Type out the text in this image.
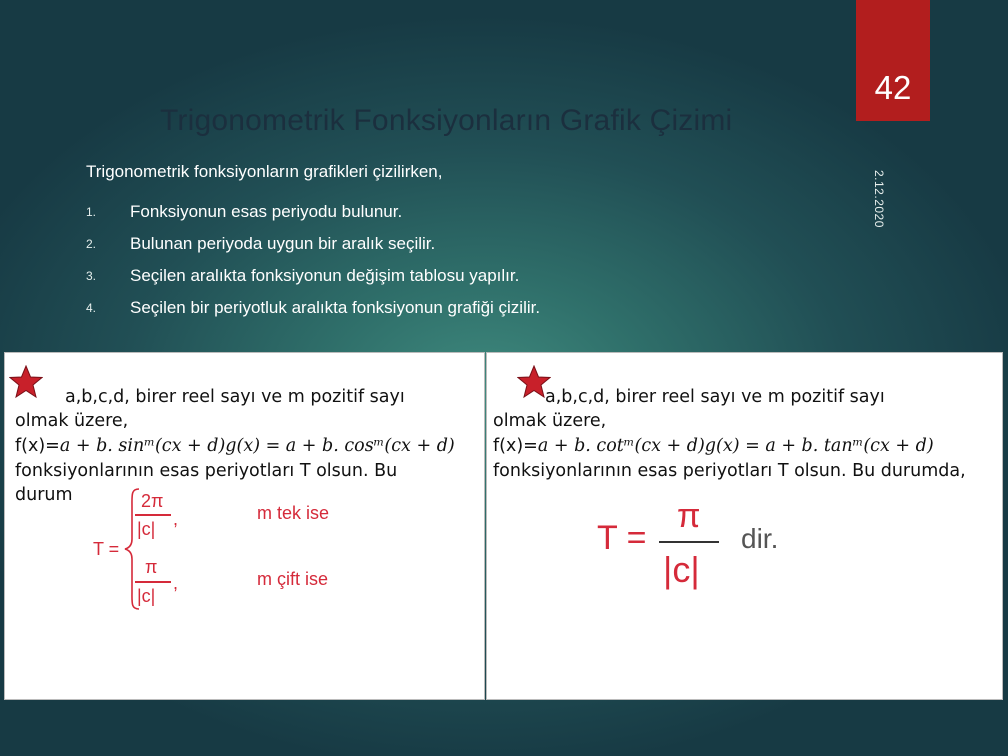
Trigonometrik Fonksiyonların Grafik Çizimi
42
2.12.2020
Trigonometrik fonksiyonların grafikleri çizilirken,
1.	Fonksiyonun esas periyodu bulunur.
2.	Bulunan periyoda uygun bir aralık seçilir.
3.	Seçilen aralıkta fonksiyonun değişim tablosu yapılır.
4.	Seçilen bir periyotluk aralıkta fonksiyonun grafiği çizilir.
a,b,c,d, birer reel sayı ve m pozitif sayı
olmak üzere,
f(x)=a + b. sinᵐ(cx + d)g(x) = a + b. cosᵐ(cx + d)
fonksiyonlarının esas periyotları T olsun. Bu
durum
T =
2π
|c| ,	m tek ise
π
|c|
,	m çift ise
a,b,c,d, birer reel sayı ve m pozitif sayı
olmak üzere,
f(x)=a + b. cotᵐ(cx + d)g(x) = a + b. tanᵐ(cx + d)
fonksiyonlarının esas periyotları T olsun. Bu durumda,
T =
π
|c|
dir.
